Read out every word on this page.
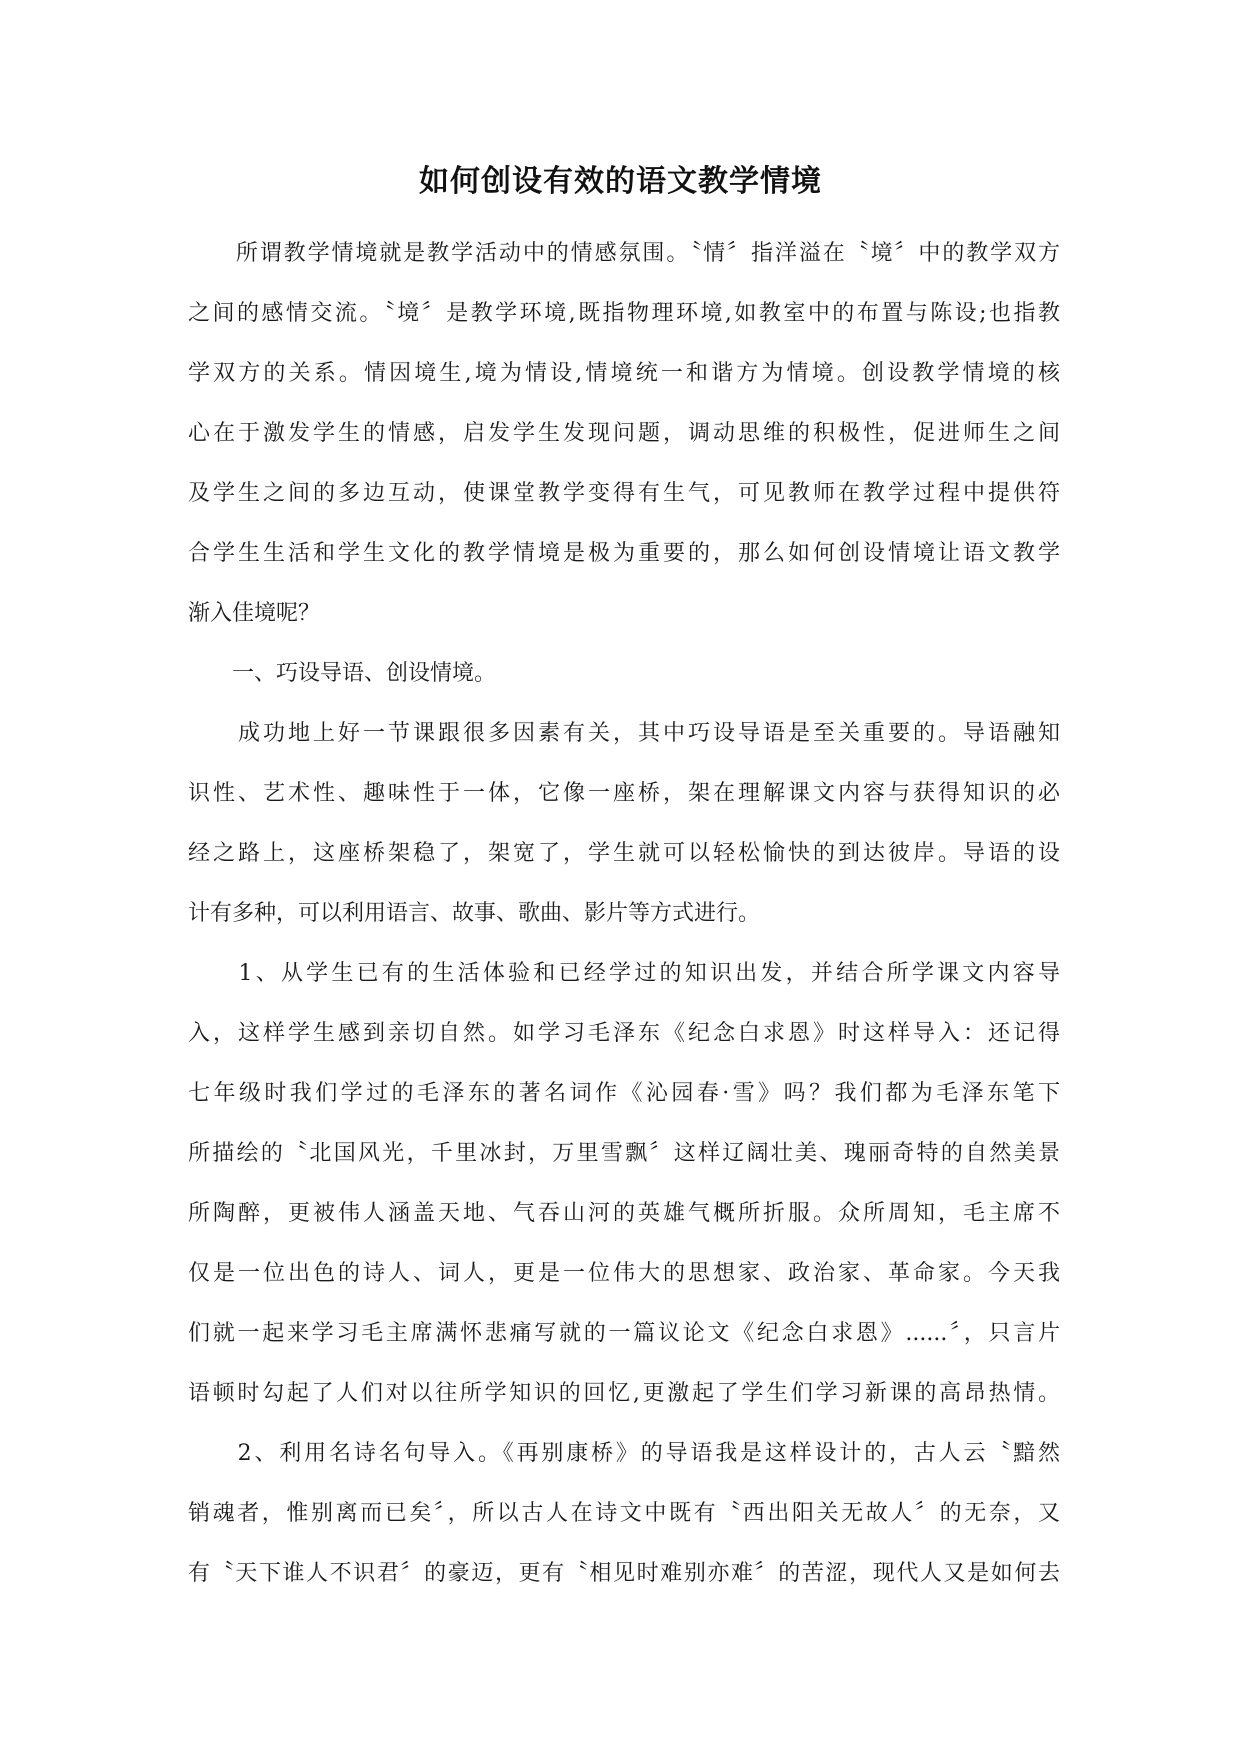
如何创设有效的语文教学情境
　　所谓教学情境就是教学活动中的情感氛围。〝情〞指洋溢在〝境〞中的教学双方
之间的感情交流。〝境〞是教学环境,既指物理环境,如教室中的布置与陈设;也指教
学双方的关系。情因境生,境为情设,情境统一和谐方为情境。创设教学情境的核
心在于激发学生的情感，启发学生发现问题，调动思维的积极性，促进师生之间
及学生之间的多边互动，使课堂教学变得有生气，可见教师在教学过程中提供符
合学生生活和学生文化的教学情境是极为重要的，那么如何创设情境让语文教学
渐入佳境呢？
　　一、巧设导语、创设情境。
　　成功地上好一节课跟很多因素有关，其中巧设导语是至关重要的。导语融知
识性、艺术性、趣味性于一体，它像一座桥，架在理解课文内容与获得知识的必
经之路上，这座桥架稳了，架宽了，学生就可以轻松愉快的到达彼岸。导语的设
计有多种，可以利用语言、故事、歌曲、影片等方式进行。
　　1、从学生已有的生活体验和已经学过的知识出发，并结合所学课文内容导
入，这样学生感到亲切自然。如学习毛泽东《纪念白求恩》时这样导入：还记得
七年级时我们学过的毛泽东的著名词作《沁园春·雪》吗？我们都为毛泽东笔下
所描绘的〝北国风光，千里冰封，万里雪飘〞这样辽阔壮美、瑰丽奇特的自然美景
所陶醉，更被伟人涵盖天地、气吞山河的英雄气概所折服。众所周知，毛主席不
仅是一位出色的诗人、词人，更是一位伟大的思想家、政治家、革命家。今天我
们就一起来学习毛主席满怀悲痛写就的一篇议论文《纪念白求恩》......〞，只言片
语顿时勾起了人们对以往所学知识的回忆,更激起了学生们学习新课的高昂热情。
　　2、利用名诗名句导入。《再别康桥》的导语我是这样设计的，古人云〝黯然
销魂者，惟别离而已矣〞，所以古人在诗文中既有〝西出阳关无故人〞的无奈，又
有〝天下谁人不识君〞的豪迈，更有〝相见时难别亦难〞的苦涩，现代人又是如何去
